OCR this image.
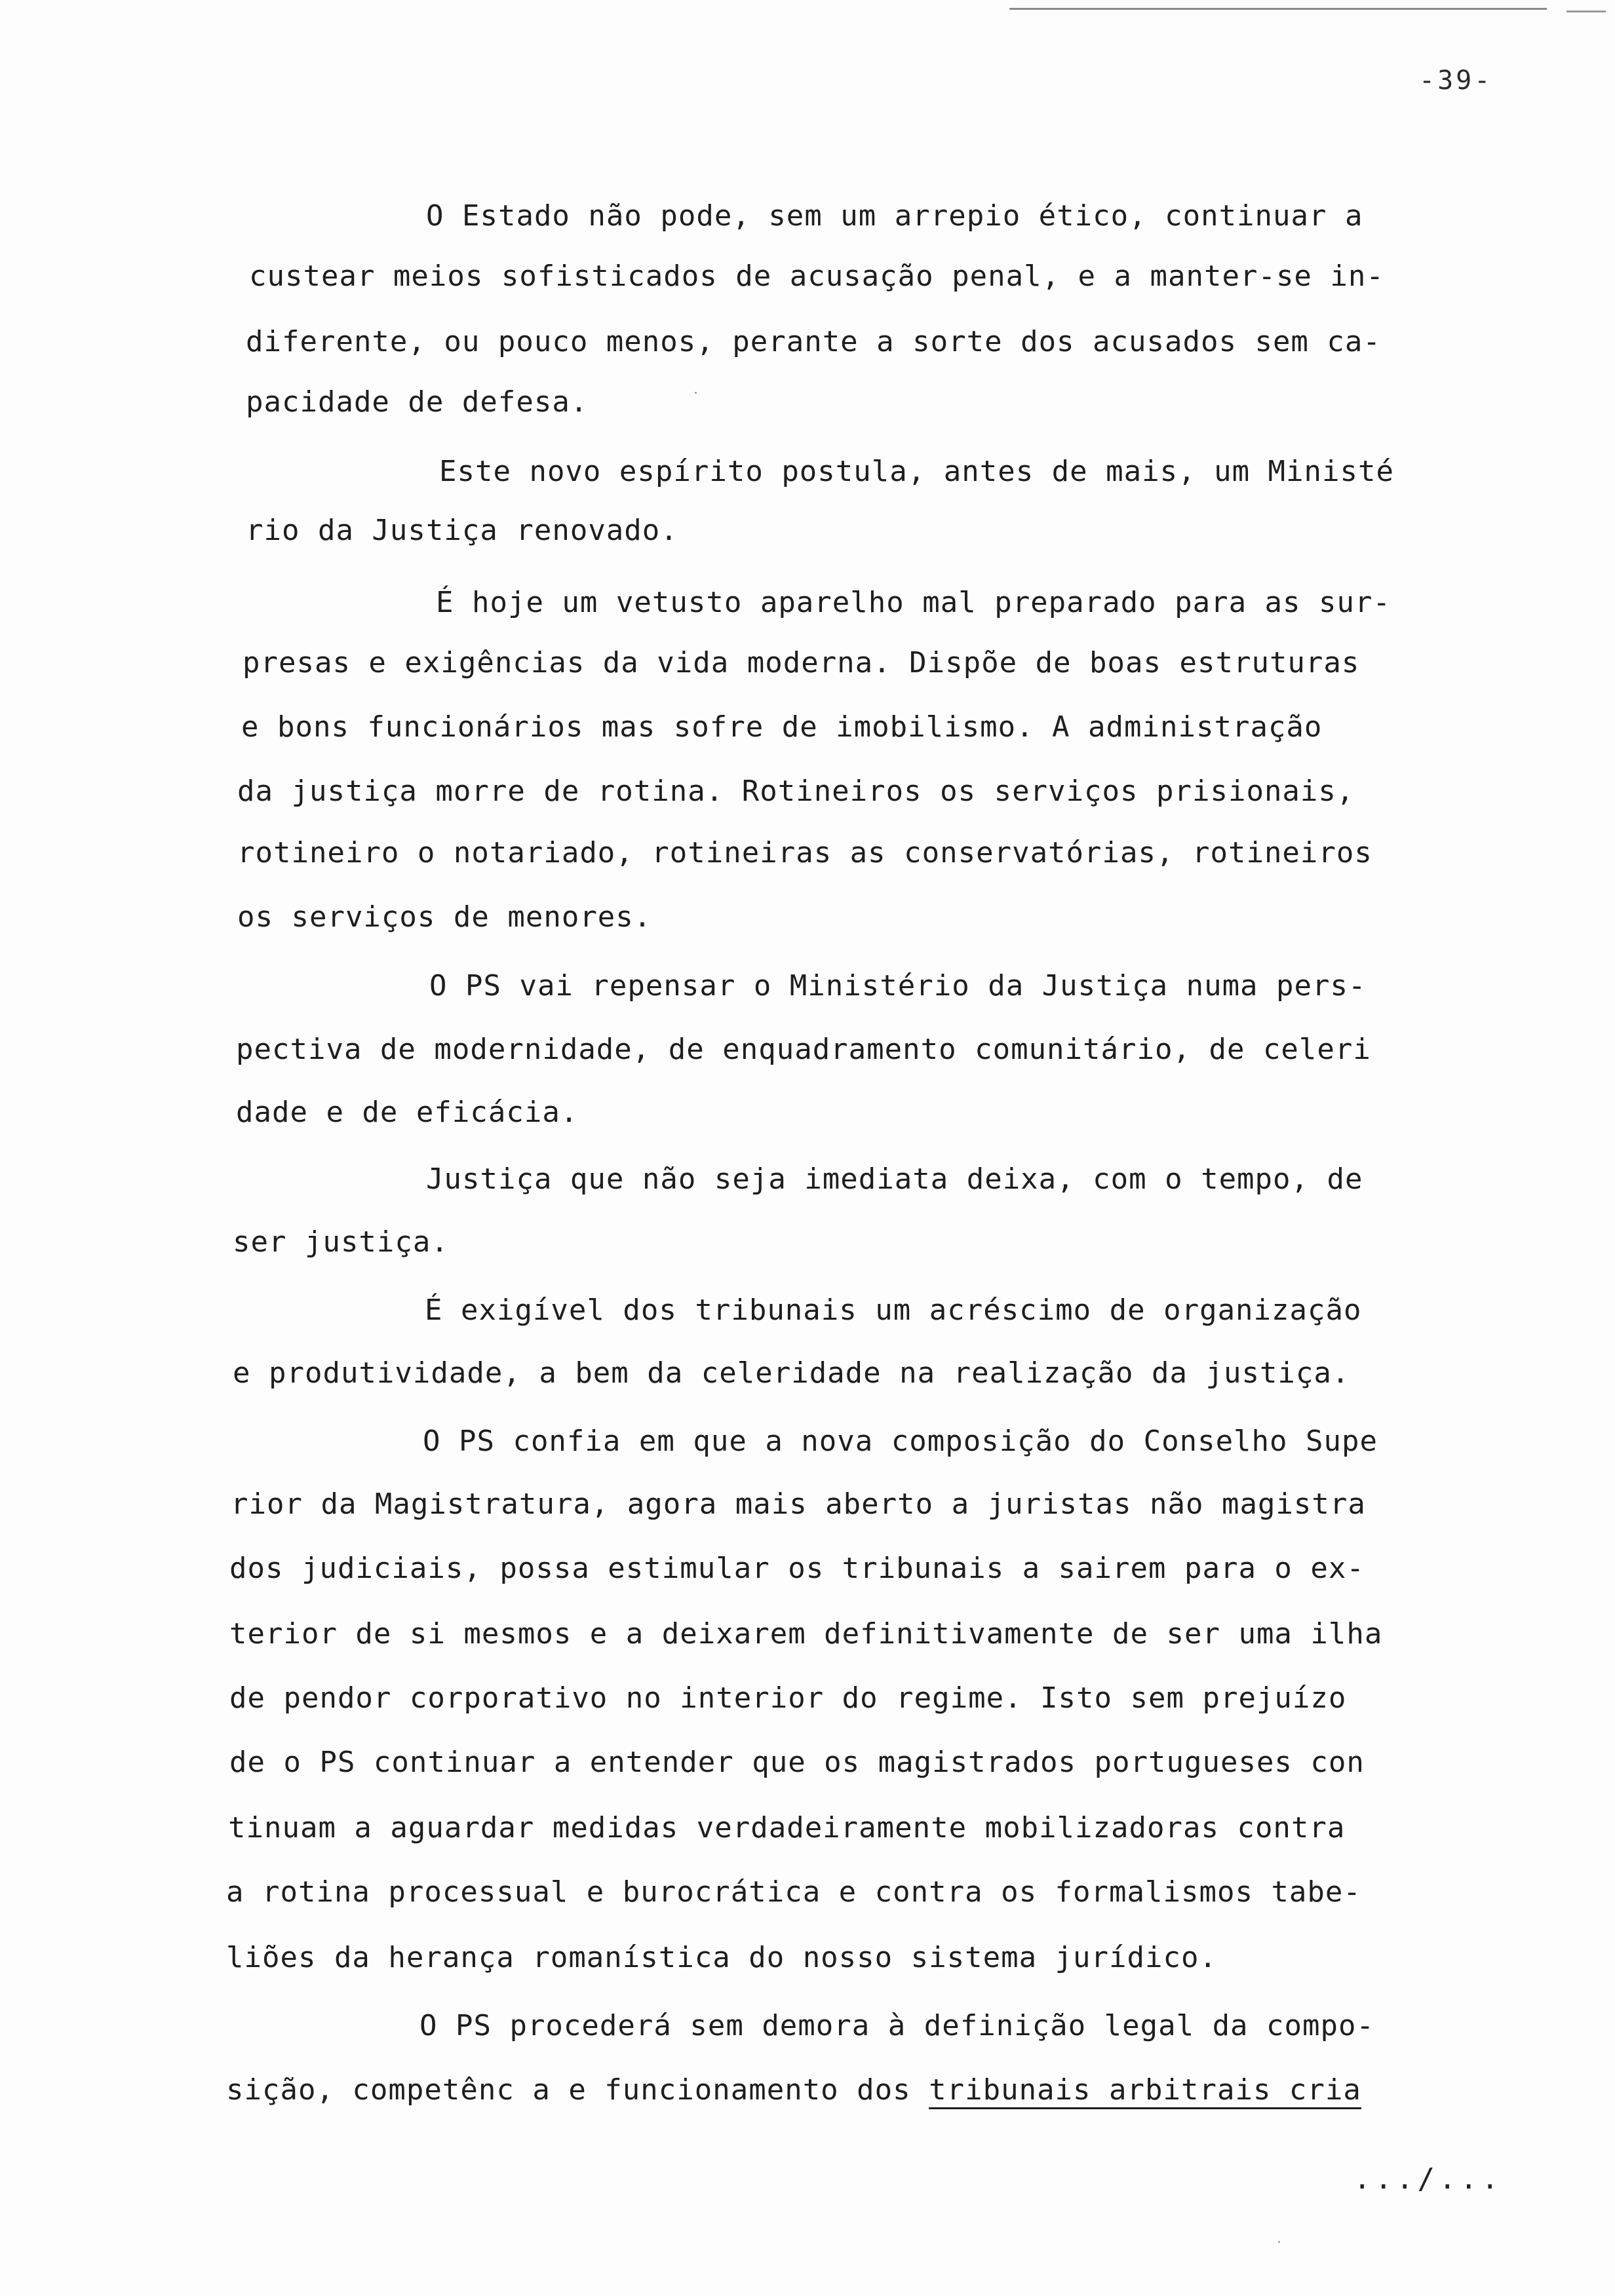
-39-
O Estado não pode, sem um arrepio ético, continuar a
custear meios sofisticados de acusação penal, e a manter-se in-
diferente, ou pouco menos, perante a sorte dos acusados sem ca-
pacidade de defesa.
Este novo espírito postula, antes de mais, um Ministé
rio da Justiça renovado.
É hoje um vetusto aparelho mal preparado para as sur-
presas e exigências da vida moderna. Dispõe de boas estruturas
e bons funcionários mas sofre de imobilismo. A administração
da justiça morre de rotina. Rotineiros os serviços prisionais,
rotineiro o notariado, rotineiras as conservatórias, rotineiros
os serviços de menores.
O PS vai repensar o Ministério da Justiça numa pers-
pectiva de modernidade, de enquadramento comunitário, de celeri
dade e de eficácia.
Justiça que não seja imediata deixa, com o tempo, de
ser justiça.
É exigível dos tribunais um acréscimo de organização
e produtividade, a bem da celeridade na realização da justiça.
O PS confia em que a nova composição do Conselho Supe
rior da Magistratura, agora mais aberto a juristas não magistra
dos judiciais, possa estimular os tribunais a sairem para o ex-
terior de si mesmos e a deixarem definitivamente de ser uma ilha
de pendor corporativo no interior do regime. Isto sem prejuízo
de o PS continuar a entender que os magistrados portugueses con
tinuam a aguardar medidas verdadeiramente mobilizadoras contra
a rotina processual e burocrática e contra os formalismos tabe-
liões da herança romanística do nosso sistema jurídico.
O PS procederá sem demora à definição legal da compo-
sição, competênc a e funcionamento dos tribunais arbitrais cria
.../...
